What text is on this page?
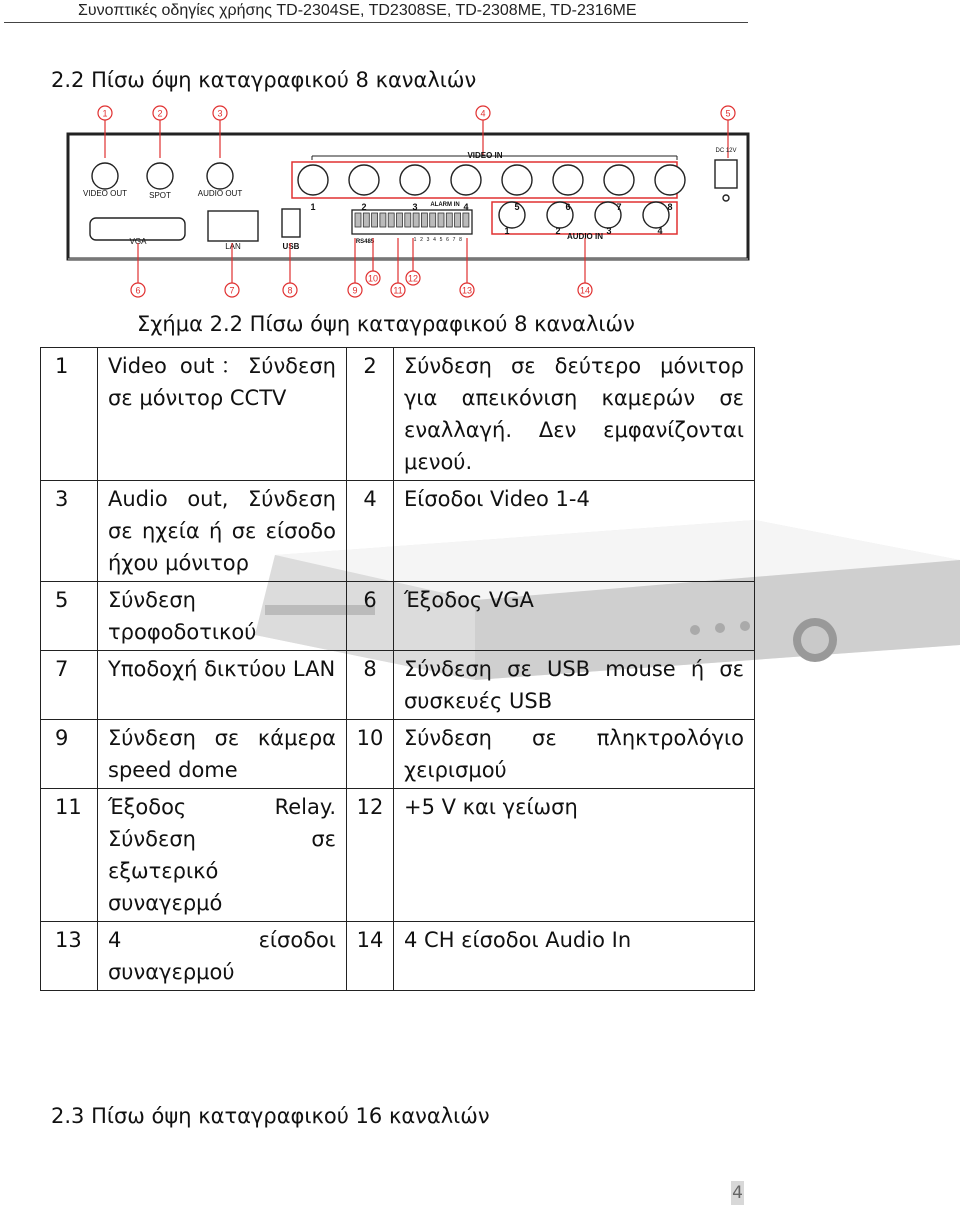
Συνοπτικές οδηγίες χρήσης TD-2304SE, TD2308SE, TD-2308ME, TD-2316ME
2.2 Πίσω όψη καταγραφικού 8 καναλιών
1	2	3	4	5
VIDEO OUT	SPOT	AUDIO OUT
VIDEO IN	DC 12V
VGA
LAN	USB	RS485
ALARM IN
AUDIO IN
1	2	3	4	5	6	7	8
1	2	3	4
1 2 3 4 5 6 7 8
6	7	8	9
10
11
12
13	14
Σχήμα 2.2 Πίσω όψη καταγραφικού 8 καναλιών
1	Video out：Σύνδεση σε μόνιτορ CCTV	2	Σύνδεση σε δεύτερο μόνιτορ για απεικόνιση καμερών σε εναλλαγή. Δεν εμφανίζονται μενού.
3	Audio out, Σύνδεση σε ηχεία ή σε είσοδο ήχου μόνιτορ	4	Είσοδοι Video 1-4
5	Σύνδεση τροφοδοτικού	6	Έξοδος VGA
7	Υποδοχή δικτύου LAN	8	Σύνδεση σε USB mouse ή σε συσκευές USB
9	Σύνδεση σε κάμερα speed dome	10	Σύνδεση σε πληκτρολόγιο χειρισμού
11	Έξοδος Relay. Σύνδεση σε εξωτερικό συναγερμό	12	+5 V και γείωση
13	4 είσοδοι συναγερμού	14	4 CH είσοδοι Audio In
2.3 Πίσω όψη καταγραφικού 16 καναλιών
4
